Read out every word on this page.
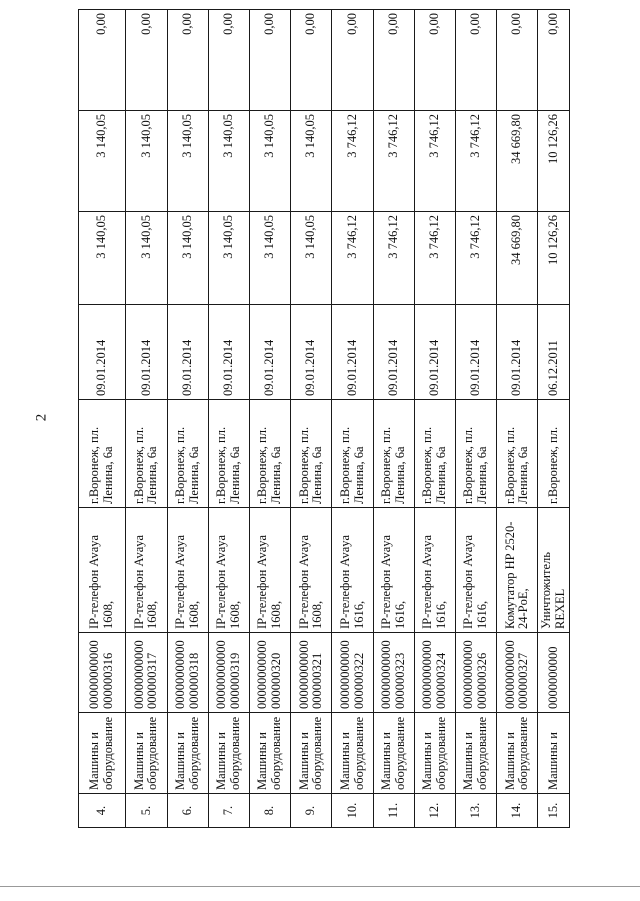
2
4.	Машины и оборудование	00000000000000000316	IP-телефон Avaya 1608,	г.Воронеж, пл. Ленина, 6а	09.01.2014	3 140,05	3 140,05	0,00
5.	Машины и оборудование	00000000000000000317	IP-телефон Avaya 1608,	г.Воронеж, пл. Ленина, 6а	09.01.2014	3 140,05	3 140,05	0,00
6.	Машины и оборудование	00000000000000000318	IP-телефон Avaya 1608,	г.Воронеж, пл. Ленина, 6а	09.01.2014	3 140,05	3 140,05	0,00
7.	Машины и оборудование	00000000000000000319	IP-телефон Avaya 1608,	г.Воронеж, пл. Ленина, 6а	09.01.2014	3 140,05	3 140,05	0,00
8.	Машины и оборудование	00000000000000000320	IP-телефон Avaya 1608,	г.Воронеж, пл. Ленина, 6а	09.01.2014	3 140,05	3 140,05	0,00
9.	Машины и оборудование	00000000000000000321	IP-телефон Avaya 1608,	г.Воронеж, пл. Ленина, 6а	09.01.2014	3 140,05	3 140,05	0,00
10.	Машины и оборудование	00000000000000000322	IP-телефон Avaya 1616,	г.Воронеж, пл. Ленина, 6а	09.01.2014	3 746,12	3 746,12	0,00
11.	Машины и оборудование	00000000000000000323	IP-телефон Avaya 1616,	г.Воронеж, пл. Ленина, 6а	09.01.2014	3 746,12	3 746,12	0,00
12.	Машины и оборудование	00000000000000000324	IP-телефон Avaya 1616,	г.Воронеж, пл. Ленина, 6а	09.01.2014	3 746,12	3 746,12	0,00
13.	Машины и оборудование	00000000000000000326	IP-телефон Avaya 1616,	г.Воронеж, пл. Ленина, 6а	09.01.2014	3 746,12	3 746,12	0,00
14.	Машины и оборудование	00000000000000000327	Комутатор HP 2520-24-PoE,	г.Воронеж, пл. Ленина, 6а	09.01.2014	34 669,80	34 669,80	0,00
15.	Машины и	0000000000	Уничтожитель REXEL	г.Воронеж, пл.	06.12.2011	10 126,26	10 126,26	0,00
